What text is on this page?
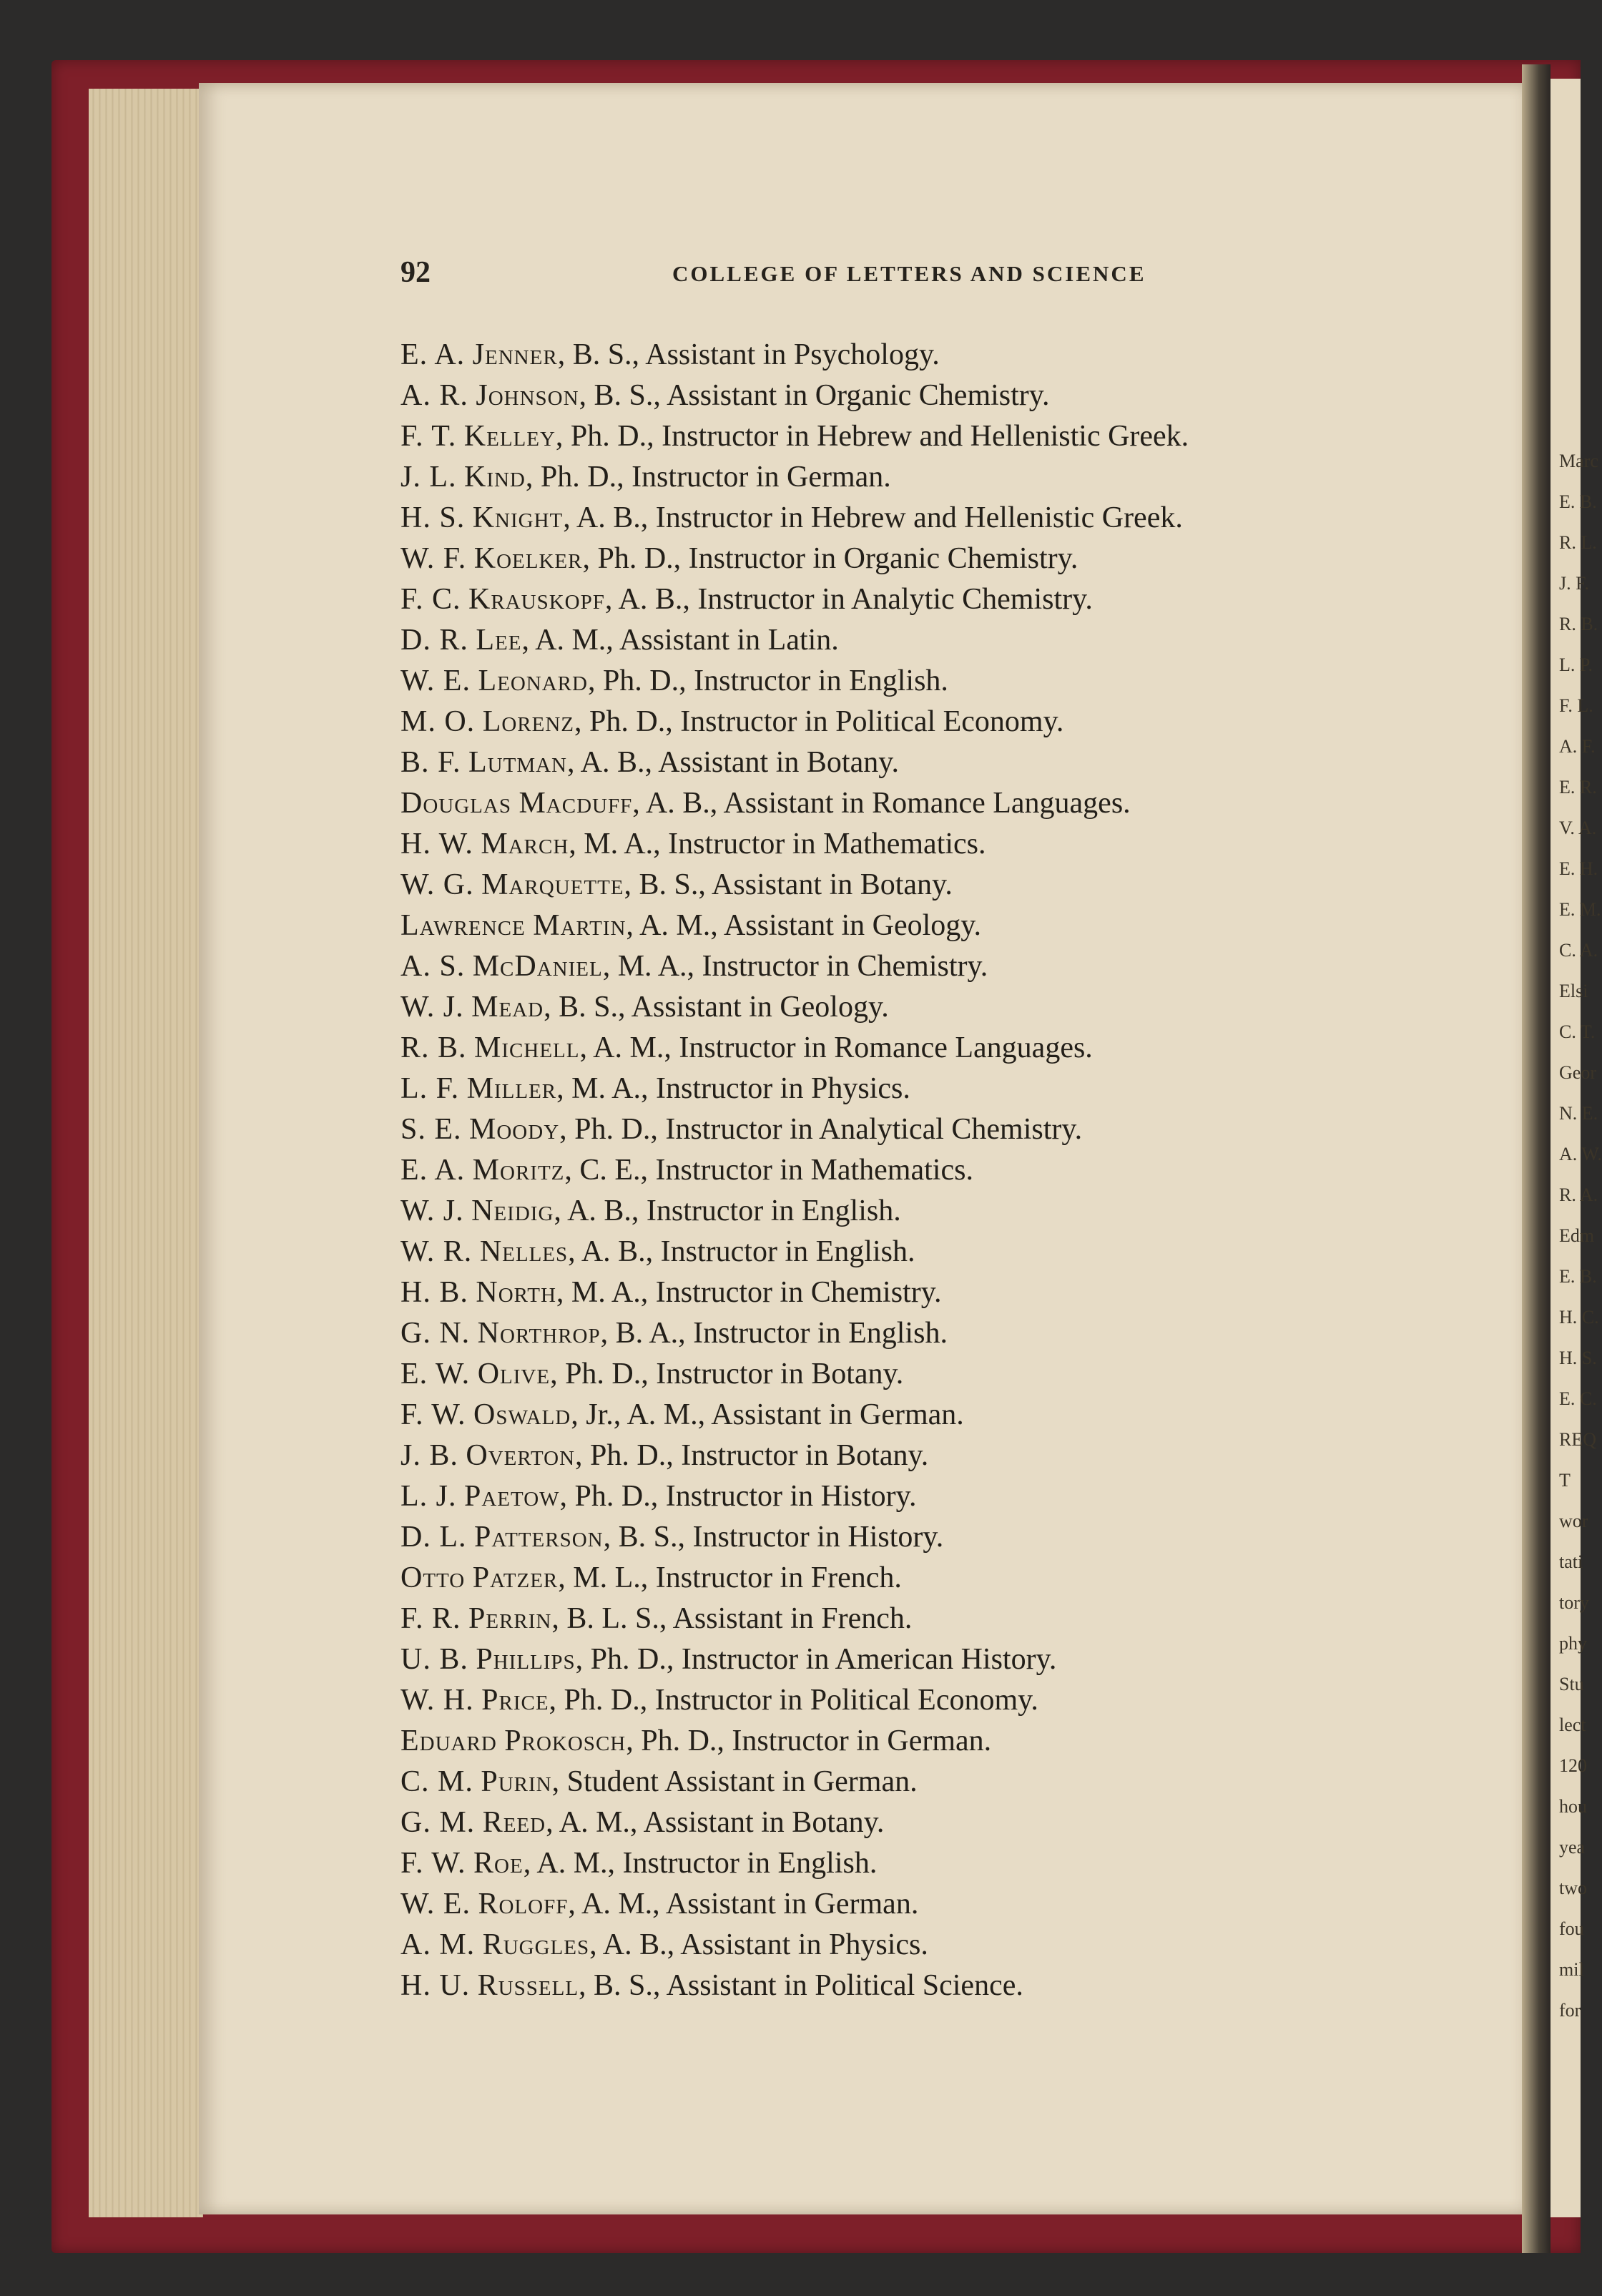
Marc
E. B.
R. L.
J. F.
R. B.
L. P.
F. L.
A. F.
E. R.
V. A.
E. H.
E. M.
C. A.
Elsi
C. T.
Geor
N. E.
A. W.
R. A.
Edm
E. B.
H. C.
H. S.
E. C.
REQ
T
wor
tati
tory
phy
Stu
lect
120
hou
yea
two
fou
mil
for
92	COLLEGE OF LETTERS AND SCIENCE
E. A. Jenner, B. S., Assistant in Psychology.
A. R. Johnson, B. S., Assistant in Organic Chemistry.
F. T. Kelley, Ph. D., Instructor in Hebrew and Hellenistic Greek.
J. L. Kind, Ph. D., Instructor in German.
H. S. Knight, A. B., Instructor in Hebrew and Hellenistic Greek.
W. F. Koelker, Ph. D., Instructor in Organic Chemistry.
F. C. Krauskopf, A. B., Instructor in Analytic Chemistry.
D. R. Lee, A. M., Assistant in Latin.
W. E. Leonard, Ph. D., Instructor in English.
M. O. Lorenz, Ph. D., Instructor in Political Economy.
B. F. Lutman, A. B., Assistant in Botany.
Douglas Macduff, A. B., Assistant in Romance Languages.
H. W. March, M. A., Instructor in Mathematics.
W. G. Marquette, B. S., Assistant in Botany.
Lawrence Martin, A. M., Assistant in Geology.
A. S. McDaniel, M. A., Instructor in Chemistry.
W. J. Mead, B. S., Assistant in Geology.
R. B. Michell, A. M., Instructor in Romance Languages.
L. F. Miller, M. A., Instructor in Physics.
S. E. Moody, Ph. D., Instructor in Analytical Chemistry.
E. A. Moritz, C. E., Instructor in Mathematics.
W. J. Neidig, A. B., Instructor in English.
W. R. Nelles, A. B., Instructor in English.
H. B. North, M. A., Instructor in Chemistry.
G. N. Northrop, B. A., Instructor in English.
E. W. Olive, Ph. D., Instructor in Botany.
F. W. Oswald, Jr., A. M., Assistant in German.
J. B. Overton, Ph. D., Instructor in Botany.
L. J. Paetow, Ph. D., Instructor in History.
D. L. Patterson, B. S., Instructor in History.
Otto Patzer, M. L., Instructor in French.
F. R. Perrin, B. L. S., Assistant in French.
U. B. Phillips, Ph. D., Instructor in American History.
W. H. Price, Ph. D., Instructor in Political Economy.
Eduard Prokosch, Ph. D., Instructor in German.
C. M. Purin, Student Assistant in German.
G. M. Reed, A. M., Assistant in Botany.
F. W. Roe, A. M., Instructor in English.
W. E. Roloff, A. M., Assistant in German.
A. M. Ruggles, A. B., Assistant in Physics.
H. U. Russell, B. S., Assistant in Political Science.
